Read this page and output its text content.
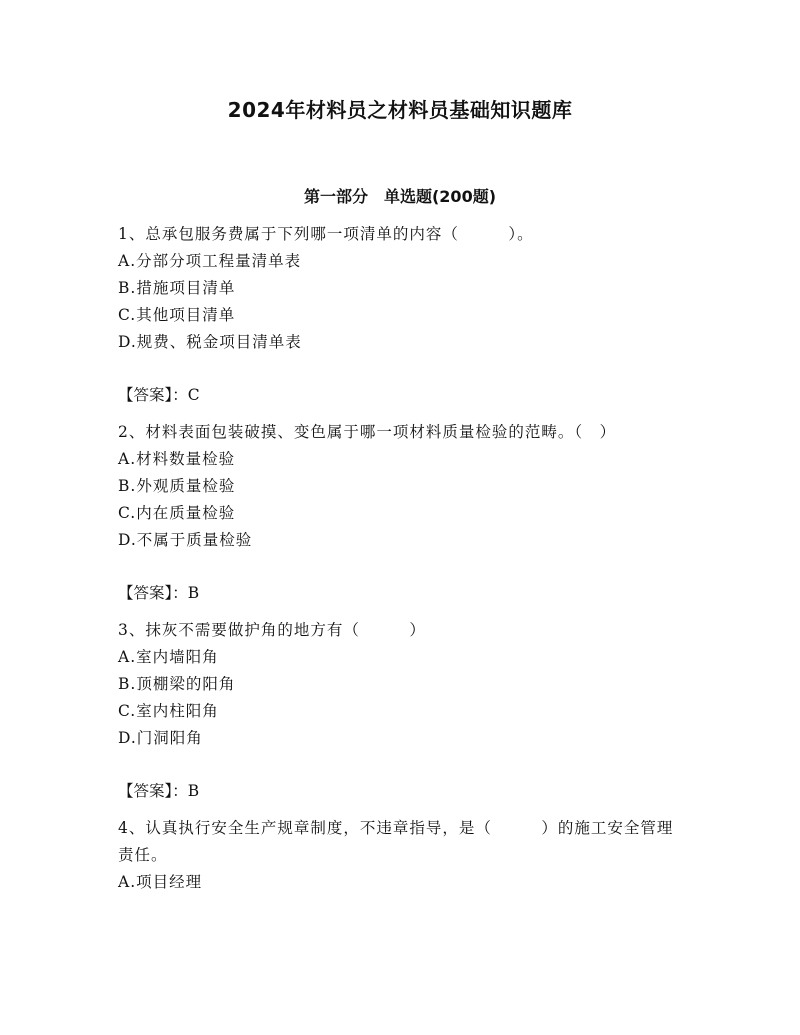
2024年材料员之材料员基础知识题库
第一部分　单选题(200题)
1、总承包服务费属于下列哪一项清单的内容（　　　）。
A.分部分项工程量清单表
B.措施项目清单
C.其他项目清单
D.规费、税金项目清单表
【答案】：C
2、材料表面包装破摸、变色属于哪一项材料质量检验的范畴。（　）
A.材料数量检验
B.外观质量检验
C.内在质量检验
D.不属于质量检验
【答案】：B
3、抹灰不需要做护角的地方有（　　　）
A.室内墙阳角
B.顶棚梁的阳角
C.室内柱阳角
D.门洞阳角
【答案】：B
4、认真执行安全生产规章制度，不违章指导，是（　　　）的施工安全管理责任。
A.项目经理
